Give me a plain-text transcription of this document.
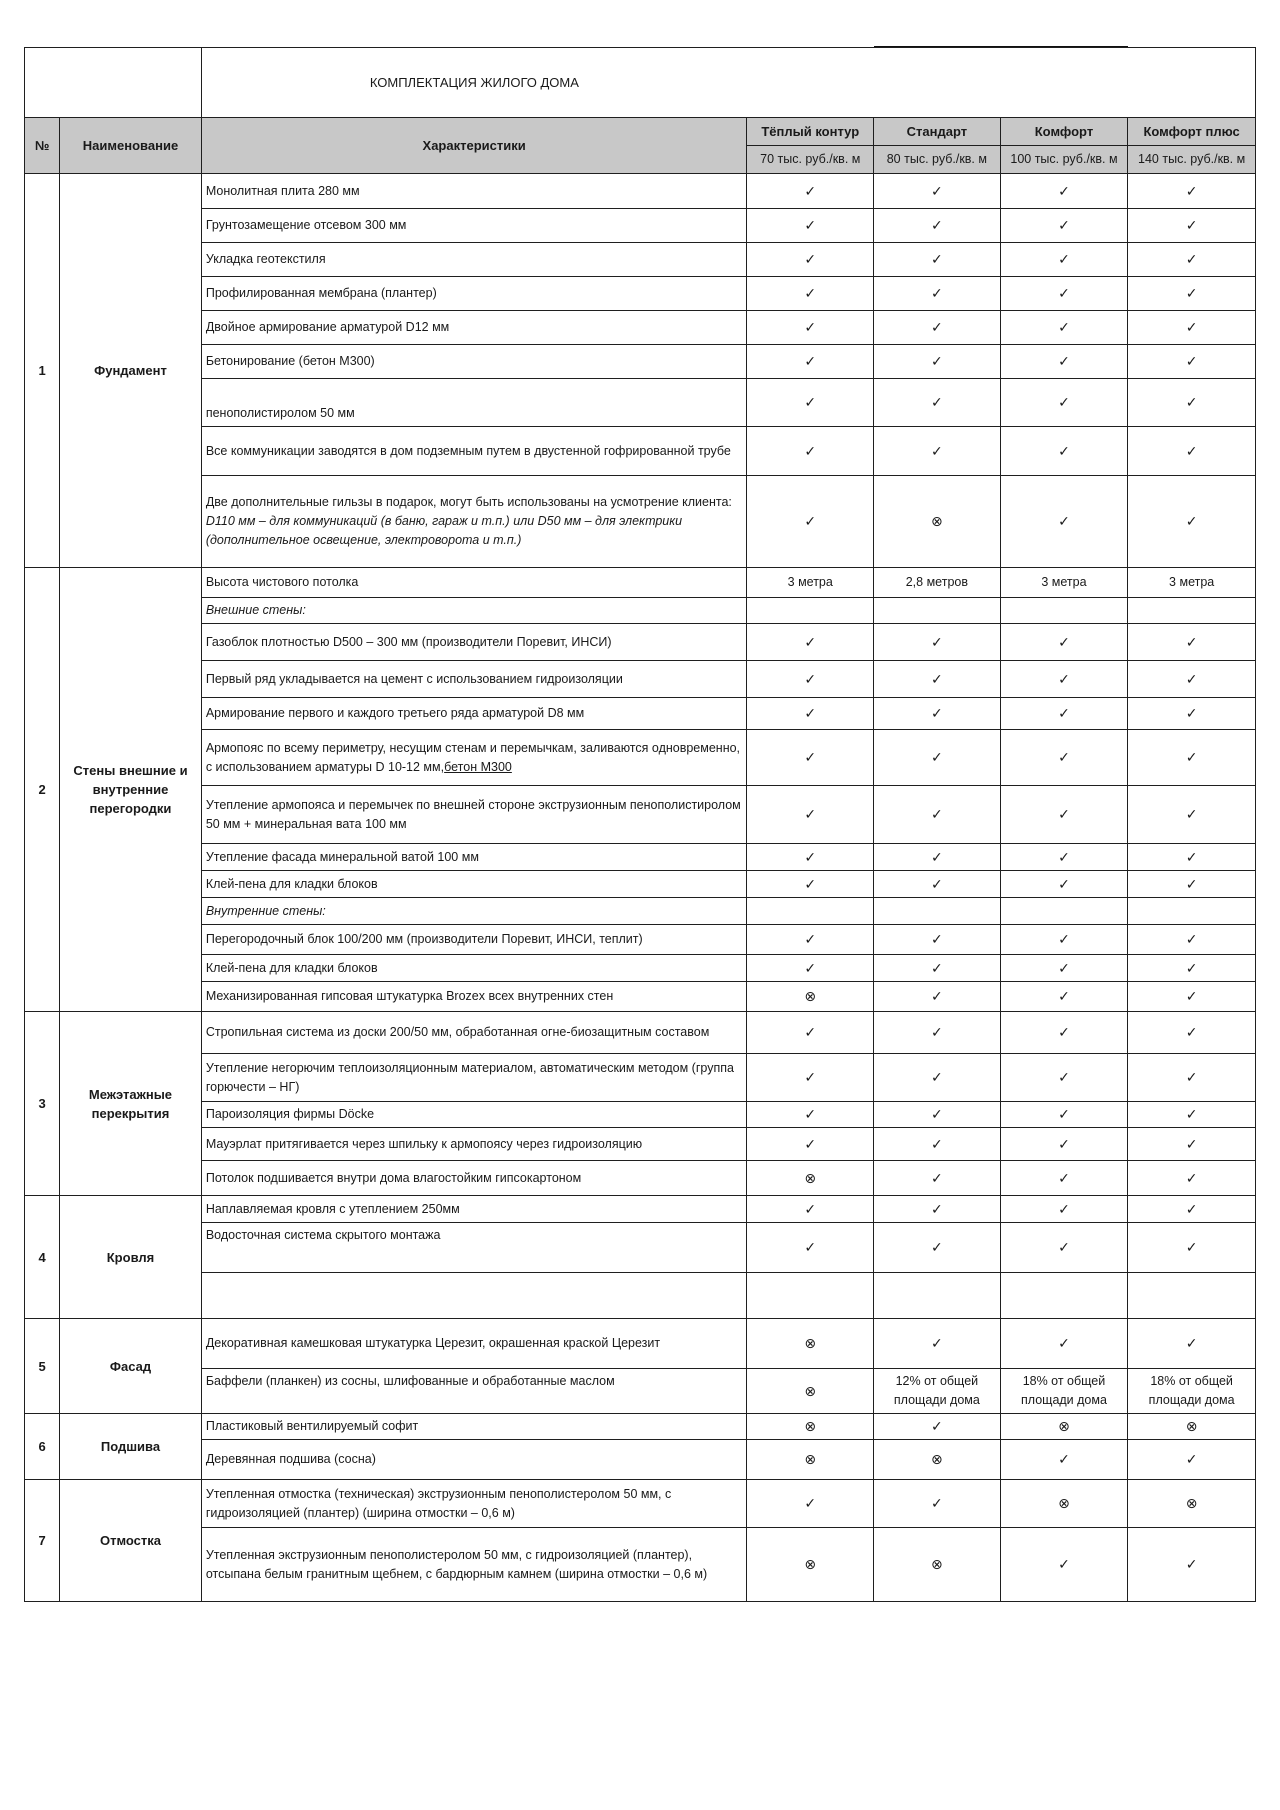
		КОМПЛЕКТАЦИЯ ЖИЛОГО ДОМА				
№	Наименование	Характеристики	Тёплый контур	Стандарт	Комфорт	Комфорт плюс
			70 тыс. руб./кв. м	80 тыс. руб./кв. м	100 тыс. руб./кв. м	140 тыс. руб./кв. м
1	Фундамент	Монолитная плита 280 мм	✓	✓	✓	✓
		Грунтозамещение отсевом 300 мм	✓	✓	✓	✓
		Укладка геотекстиля	✓	✓	✓	✓
		Профилированная мембрана (плантер)	✓	✓	✓	✓
		Двойное армирование арматурой D12 мм	✓	✓	✓	✓
		Бетонирование (бетон М300)	✓	✓	✓	✓
		пенополистиролом 50 мм	✓	✓	✓	✓
		Все коммуникации заводятся в дом подземным путем в двустенной гофрированной трубе	✓	✓	✓	✓
		Две дополнительные гильзы в подарок, могут быть использованы на усмотрение клиента: D110 мм – для коммуникаций (в баню, гараж и т.п.) или D50 мм – для электрики (дополнительное освещение, электроворота и т.п.)	✓	⊗	✓	✓
2	Стены внешние и внутренние перегородки	Высота чистового потолка	3 метра	2,8 метров	3 метра	3 метра
		Внешние стены:				
		Газоблок плотностью D500 – 300 мм (производители Поревит, ИНСИ)	✓	✓	✓	✓
		Первый ряд укладывается на цемент с использованием гидроизоляции	✓	✓	✓	✓
		Армирование первого и каждого третьего ряда арматурой D8 мм	✓	✓	✓	✓
		Армопояс по всему периметру, несущим стенам и перемычкам, заливаются одновременно, с использованием арматуры D 10-12 мм,бетон М300	✓	✓	✓	✓
		Утепление армопояса и перемычек по внешней стороне экструзионным пенополистиролом 50 мм + минеральная вата 100 мм	✓	✓	✓	✓
		Утепление фасада минеральной ватой 100 мм	✓	✓	✓	✓
		Клей-пена для кладки блоков	✓	✓	✓	✓
		Внутренние стены:				
		Перегородочный блок 100/200 мм (производители Поревит, ИНСИ, теплит)	✓	✓	✓	✓
		Клей-пена для кладки блоков	✓	✓	✓	✓
		Механизированная гипсовая штукатурка Brozex всех внутренних стен	⊗	✓	✓	✓
3	Межэтажные перекрытия	Стропильная система из доски 200/50 мм, обработанная огне-биозащитным составом	✓	✓	✓	✓
		Утепление негорючим теплоизоляционным материалом, автоматическим методом (группа горючести – НГ)	✓	✓	✓	✓
		Пароизоляция фирмы Döcke	✓	✓	✓	✓
		Мауэрлат притягивается через шпильку к армопоясу через гидроизоляцию	✓	✓	✓	✓
		Потолок подшивается внутри дома влагостойким гипсокартоном	⊗	✓	✓	✓
4	Кровля	Наплавляемая кровля с утеплением 250мм	✓	✓	✓	✓
		Водосточная система скрытого монтажа	✓	✓	✓	✓

5	Фасад	Декоративная камешковая штукатурка Церезит, окрашенная краской Церезит	⊗	✓	✓	✓
		Баффели (планкен) из сосны, шлифованные и обработанные маслом	⊗	12% от общей площади дома	18% от общей площади дома	18% от общей площади дома
6	Подшива	Пластиковый вентилируемый софит	⊗	✓	⊗	⊗
		Деревянная подшива (сосна)	⊗	⊗	✓	✓
7	Отмостка	Утепленная отмостка (техническая) экструзионным пенополистеролом 50 мм, с гидроизоляцией (плантер) (ширина отмостки – 0,6 м)	✓	✓	⊗	⊗
		Утепленная экструзионным пенополистеролом 50 мм, с гидроизоляцией (плантер), отсыпана белым гранитным щебнем, с бардюрным камнем (ширина отмостки – 0,6 м)	⊗	⊗	✓	✓
